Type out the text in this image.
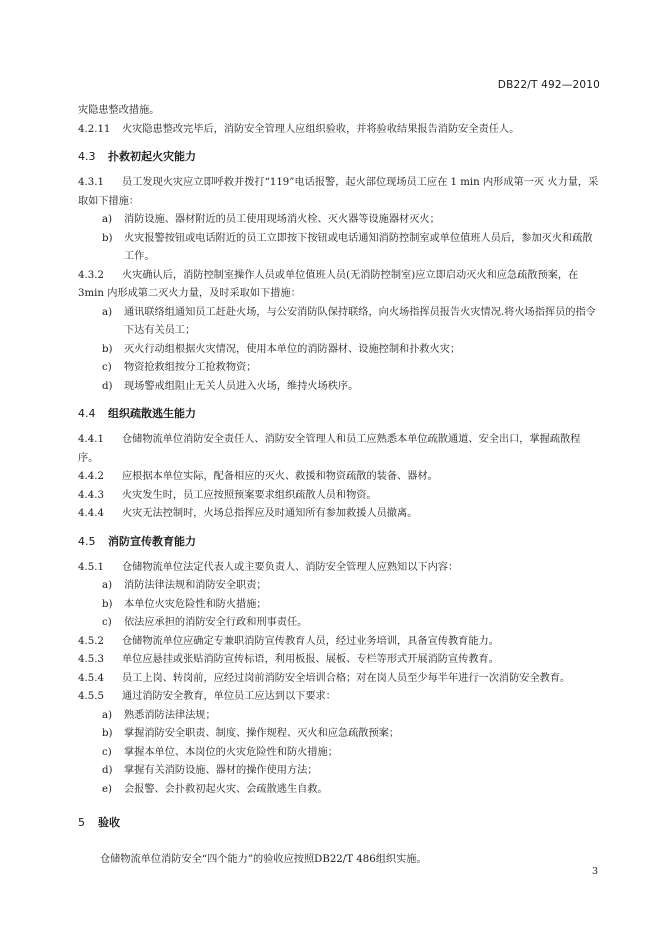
DB22/T 492—2010
灾隐患整改措施。
4.2.11 火灾隐患整改完毕后，消防安全管理人应组织验收，并将验收结果报告消防安全责任人。
4.3 扑救初起火灾能力
4.3.1 员工发现火灾应立即呼救并拨打“119”电话报警，起火部位现场员工应在 1 min 内形成第一灭 火力量，采取如下措施：
a) 消防设施、器材附近的员工使用现场消火栓、灭火器等设施器材灭火；
b) 火灾报警按钮或电话附近的员工立即按下按钮或电话通知消防控制室或单位值班人员后，参加灭火和疏散工作。
4.3.2 火灾确认后，消防控制室操作人员或单位值班人员(无消防控制室)应立即启动灭火和应急疏散预案，在 3min 内形成第二灭火力量，及时采取如下措施：
a) 通讯联络组通知员工赶赴火场，与公安消防队保持联络，向火场指挥员报告火灾情况.将火场指挥员的指令下达有关员工；
b) 灭火行动组根据火灾情况，使用本单位的消防器材、设施控制和扑救火灾；
c) 物资抢救组按分工抢救物资；
d) 现场警戒组阻止无关人员进入火场，维持火场秩序。
4.4 组织疏散逃生能力
4.4.1 仓储物流单位消防安全责任人、消防安全管理人和员工应熟悉本单位疏散通道、安全出口，掌握疏散程序。
4.4.2 应根据本单位实际，配备相应的灭火、救援和物资疏散的装备、器材。
4.4.3 火灾发生时，员工应按照预案要求组织疏散人员和物资。
4.4.4 火灾无法控制时，火场总指挥应及时通知所有参加救援人员撤离。
4.5 消防宣传教育能力
4.5.1 仓储物流单位法定代表人或主要负责人、消防安全管理人应熟知以下内容：
a) 消防法律法规和消防安全职责；
b) 本单位火灾危险性和防火措施；
c) 依法应承担的消防安全行政和刑事责任。
4.5.2 仓储物流单位应确定专兼职消防宣传教育人员，经过业务培训，具备宣传教育能力。
4.5.3 单位应悬挂或张贴消防宣传标语，利用板报、展板、专栏等形式开展消防宣传教育。
4.5.4 员工上岗、转岗前，应经过岗前消防安全培训合格；对在岗人员至少每半年进行一次消防安全教育。
4.5.5 通过消防安全教育，单位员工应达到以下要求：
a) 熟悉消防法律法规；
b) 掌握消防安全职责、制度、操作规程、灭火和应急疏散预案；
c) 掌握本单位、本岗位的火灾危险性和防火措施；
d) 掌握有关消防设施、器材的操作使用方法；
e) 会报警、会扑救初起火灾、会疏散逃生自救。
5 验收
仓储物流单位消防安全“四个能力”的验收应按照DB22/T 486组织实施。
3
